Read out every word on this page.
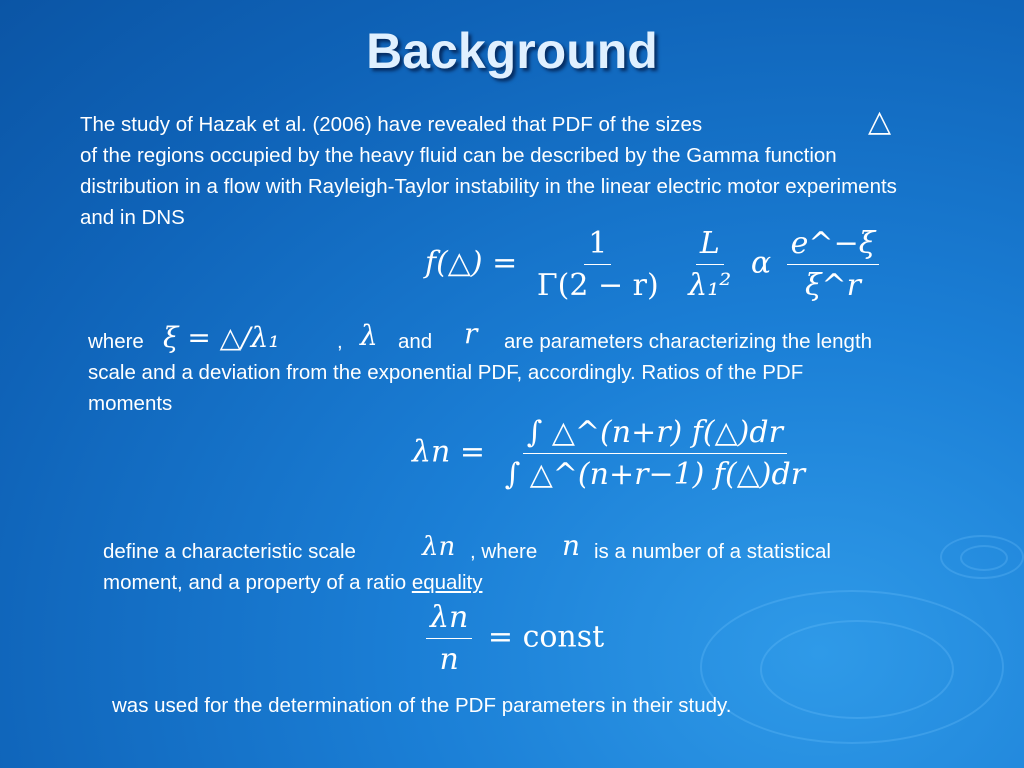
Background
The study of Hazak et al. (2006) have revealed that PDF of the sizes	△
of the regions occupied by the heavy fluid can be described by the Gamma function distribution in a flow with Rayleigh-Taylor instability in the linear electric motor experiments and in DNS
f(△) = $\frac{1}{\Gamma(2 - r)}$
$\frac{L}{\text{λ₁²}}$ α $\frac{e\^{}-\xi}{\xi\^{}r}$
where ξ = △/λ₁	, λ and r	are parameters characterizing the length scale and a deviation from the exponential PDF, accordingly. Ratios of the PDF moments
$\lambda n = \frac{\int \triangle\^{}(n+r) f(\triangle)dr}{\int \triangle\^{}(n+r-1) f(\triangle)dr}$
define a characteristic scale	λn , where n is a number of a statistical
moment, and a property of a ratio equality
$\frac{\lambda n}{n}$ = const
was used for the determination of the PDF parameters in their study.
